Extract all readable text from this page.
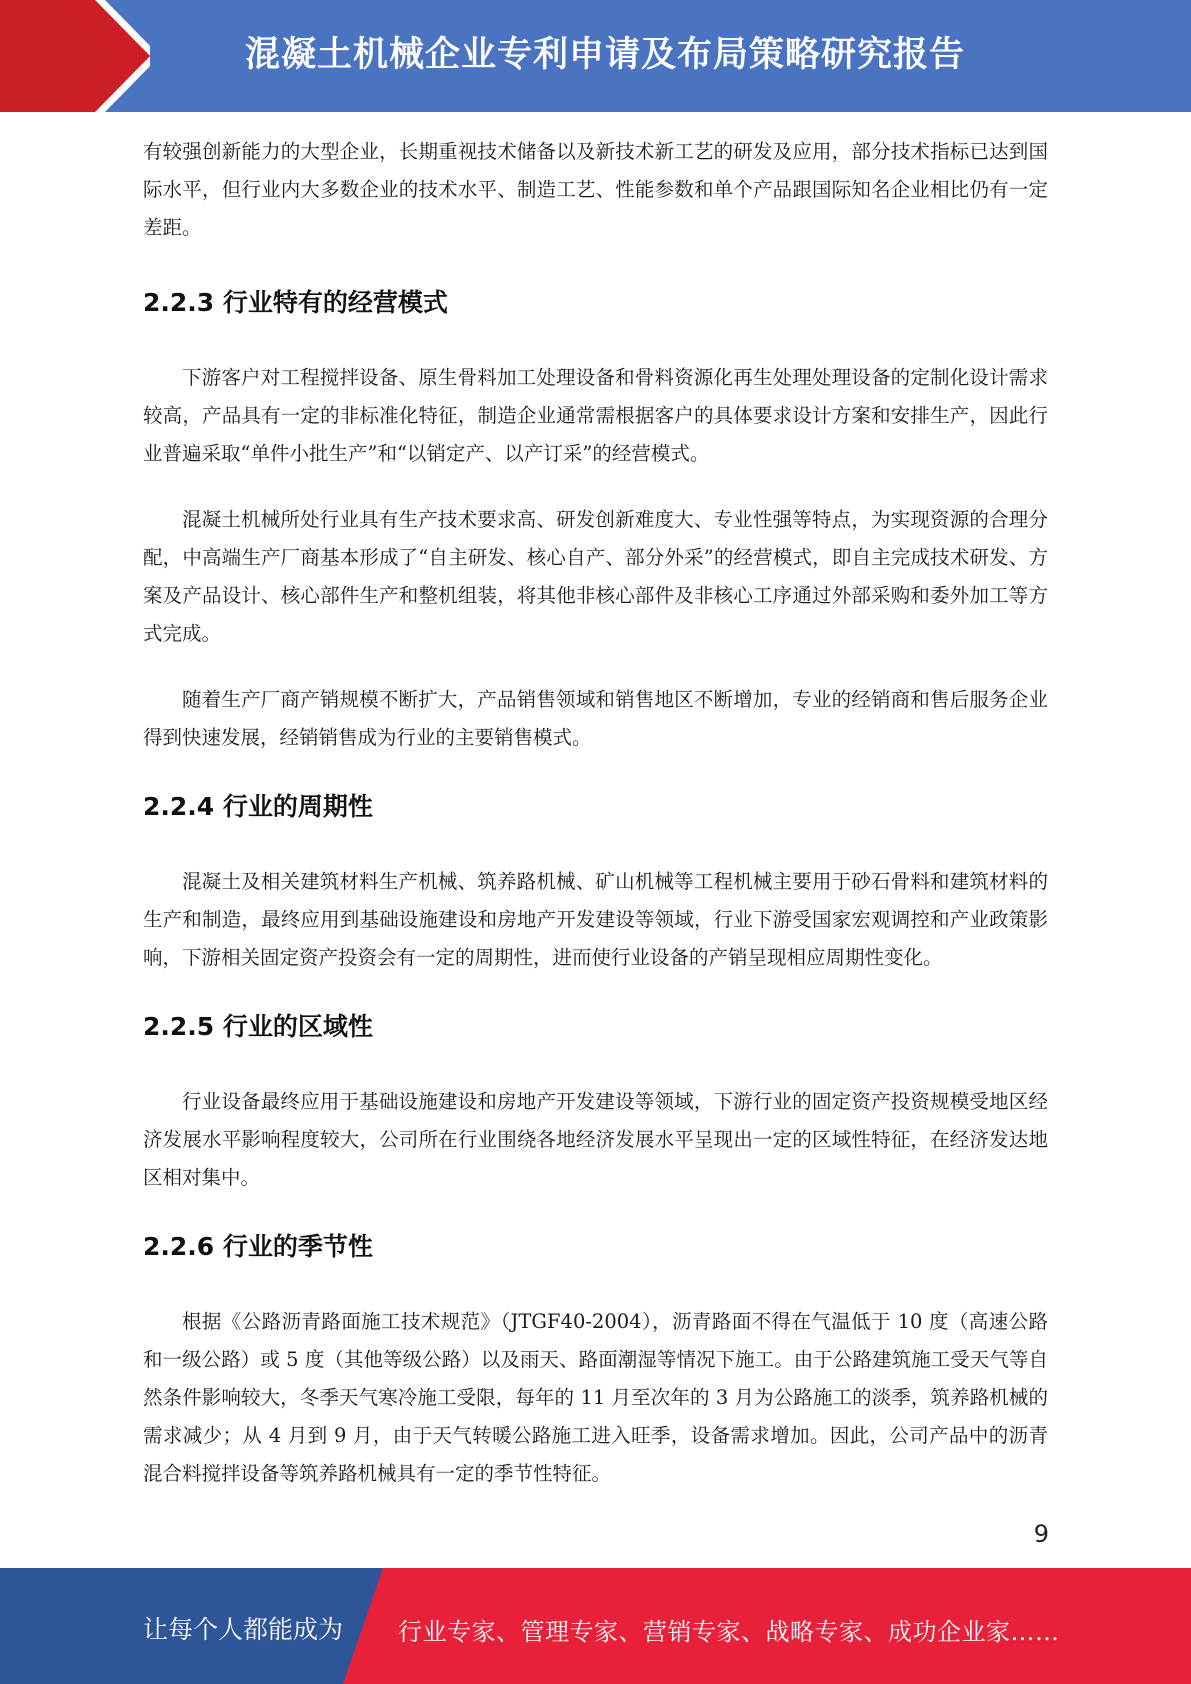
混凝土机械企业专利申请及布局策略研究报告

有较强创新能力的大型企业，长期重视技术储备以及新技术新工艺的研发及应用，部分技术指标已达到国际水平，但行业内大多数企业的技术水平、制造工艺、性能参数和单个产品跟国际知名企业相比仍有一定差距。

2.2.3 行业特有的经营模式

下游客户对工程搅拌设备、原生骨料加工处理设备和骨料资源化再生处理处理设备的定制化设计需求较高，产品具有一定的非标准化特征，制造企业通常需根据客户的具体要求设计方案和安排生产，因此行业普遍采取“单件小批生产”和“以销定产、以产订采”的经营模式。

混凝土机械所处行业具有生产技术要求高、研发创新难度大、专业性强等特点，为实现资源的合理分配，中高端生产厂商基本形成了“自主研发、核心自产、部分外采”的经营模式，即自主完成技术研发、方案及产品设计、核心部件生产和整机组装，将其他非核心部件及非核心工序通过外部采购和委外加工等方式完成。

随着生产厂商产销规模不断扩大，产品销售领域和销售地区不断增加，专业的经销商和售后服务企业得到快速发展，经销销售成为行业的主要销售模式。

2.2.4 行业的周期性

混凝土及相关建筑材料生产机械、筑养路机械、矿山机械等工程机械主要用于砂石骨料和建筑材料的生产和制造，最终应用到基础设施建设和房地产开发建设等领域，行业下游受国家宏观调控和产业政策影响，下游相关固定资产投资会有一定的周期性，进而使行业设备的产销呈现相应周期性变化。

2.2.5 行业的区域性

行业设备最终应用于基础设施建设和房地产开发建设等领域，下游行业的固定资产投资规模受地区经济发展水平影响程度较大，公司所在行业围绕各地经济发展水平呈现出一定的区域性特征，在经济发达地区相对集中。

2.2.6 行业的季节性

根据《公路沥青路面施工技术规范》（JTGF40-2004），沥青路面不得在气温低于 10 度（高速公路和一级公路）或 5 度（其他等级公路）以及雨天、路面潮湿等情况下施工。由于公路建筑施工受天气等自然条件影响较大，冬季天气寒冷施工受限，每年的 11 月至次年的 3 月为公路施工的淡季，筑养路机械的需求减少；从 4 月到 9 月，由于天气转暖公路施工进入旺季，设备需求增加。因此，公司产品中的沥青混合料搅拌设备等筑养路机械具有一定的季节性特征。

9
让每个人都能成为 行业专家、管理专家、营销专家、战略专家、成功企业家……
